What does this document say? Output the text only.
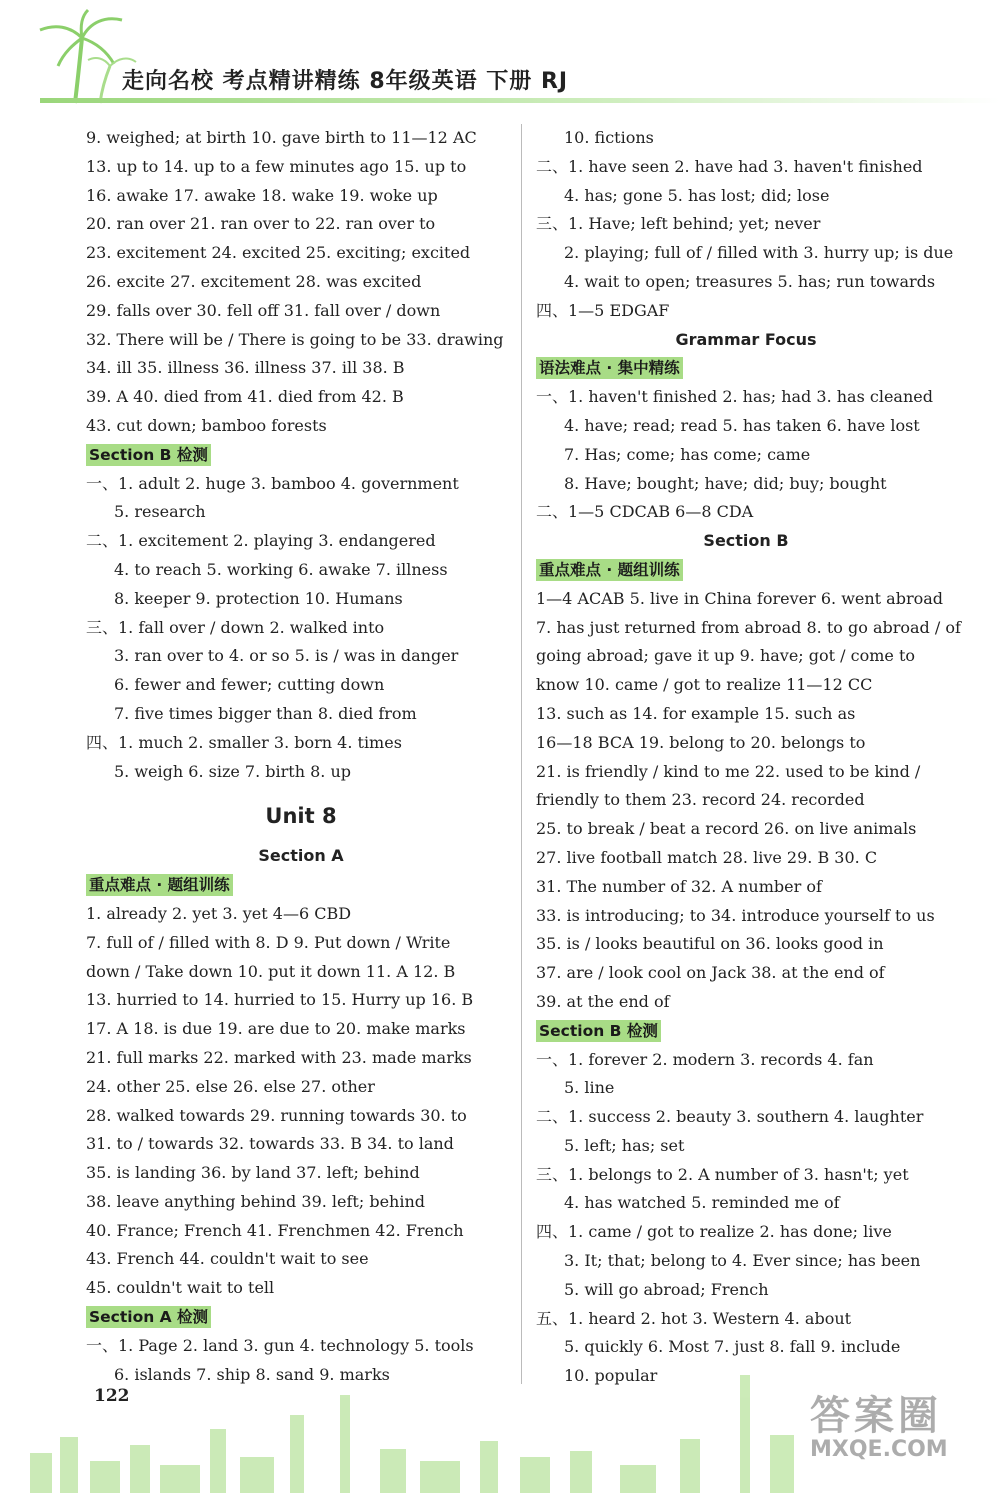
走向名校 考点精讲精练 8年级英语 下册 RJ
9. weighed; at birth 10. gave birth to 11—12 AC
13. up to 14. up to a few minutes ago 15. up to
16. awake 17. awake 18. wake 19. woke up
20. ran over 21. ran over to 22. ran over to
23. excitement 24. excited 25. exciting; excited
26. excite 27. excitement 28. was excited
29. falls over 30. fell off 31. fall over / down
32. There will be / There is going to be 33. drawing
34. ill 35. illness 36. illness 37. ill 38. B
39. A 40. died from 41. died from 42. B
43. cut down; bamboo forests
Section B 检测
一、1. adult 2. huge 3. bamboo 4. government
5. research
二、1. excitement 2. playing 3. endangered
4. to reach 5. working 6. awake 7. illness
8. keeper 9. protection 10. Humans
三、1. fall over / down 2. walked into
3. ran over to 4. or so 5. is / was in danger
6. fewer and fewer; cutting down
7. five times bigger than 8. died from
四、1. much 2. smaller 3. born 4. times
5. weigh 6. size 7. birth 8. up
Unit 8
Section A
重点难点 · 题组训练
1. already 2. yet 3. yet 4—6 CBD
7. full of / filled with 8. D 9. Put down / Write
down / Take down 10. put it down 11. A 12. B
13. hurried to 14. hurried to 15. Hurry up 16. B
17. A 18. is due 19. are due to 20. make marks
21. full marks 22. marked with 23. made marks
24. other 25. else 26. else 27. other
28. walked towards 29. running towards 30. to
31. to / towards 32. towards 33. B 34. to land
35. is landing 36. by land 37. left; behind
38. leave anything behind 39. left; behind
40. France; French 41. Frenchmen 42. French
43. French 44. couldn't wait to see
45. couldn't wait to tell
Section A 检测
一、1. Page 2. land 3. gun 4. technology 5. tools
6. islands 7. ship 8. sand 9. marks
10. fictions
二、1. have seen 2. have had 3. haven't finished
4. has; gone 5. has lost; did; lose
三、1. Have; left behind; yet; never
2. playing; full of / filled with 3. hurry up; is due
4. wait to open; treasures 5. has; run towards
四、1—5 EDGAF
Grammar Focus
语法难点 · 集中精练
一、1. haven't finished 2. has; had 3. has cleaned
4. have; read; read 5. has taken 6. have lost
7. Has; come; has come; came
8. Have; bought; have; did; buy; bought
二、1—5 CDCAB 6—8 CDA
Section B
重点难点 · 题组训练
1—4 ACAB 5. live in China forever 6. went abroad
7. has just returned from abroad 8. to go abroad / of
going abroad; gave it up 9. have; got / come to
know 10. came / got to realize 11—12 CC
13. such as 14. for example 15. such as
16—18 BCA 19. belong to 20. belongs to
21. is friendly / kind to me 22. used to be kind /
friendly to them 23. record 24. recorded
25. to break / beat a record 26. on live animals
27. live football match 28. live 29. B 30. C
31. The number of 32. A number of
33. is introducing; to 34. introduce yourself to us
35. is / looks beautiful on 36. looks good in
37. are / look cool on Jack 38. at the end of
39. at the end of
Section B 检测
一、1. forever 2. modern 3. records 4. fan
5. line
二、1. success 2. beauty 3. southern 4. laughter
5. left; has; set
三、1. belongs to 2. A number of 3. hasn't; yet
4. has watched 5. reminded me of
四、1. came / got to realize 2. has done; live
3. It; that; belong to 4. Ever since; has been
5. will go abroad; French
五、1. heard 2. hot 3. Western 4. about
5. quickly 6. Most 7. just 8. fall 9. include
10. popular
122	答案圈
MXQE.COM
